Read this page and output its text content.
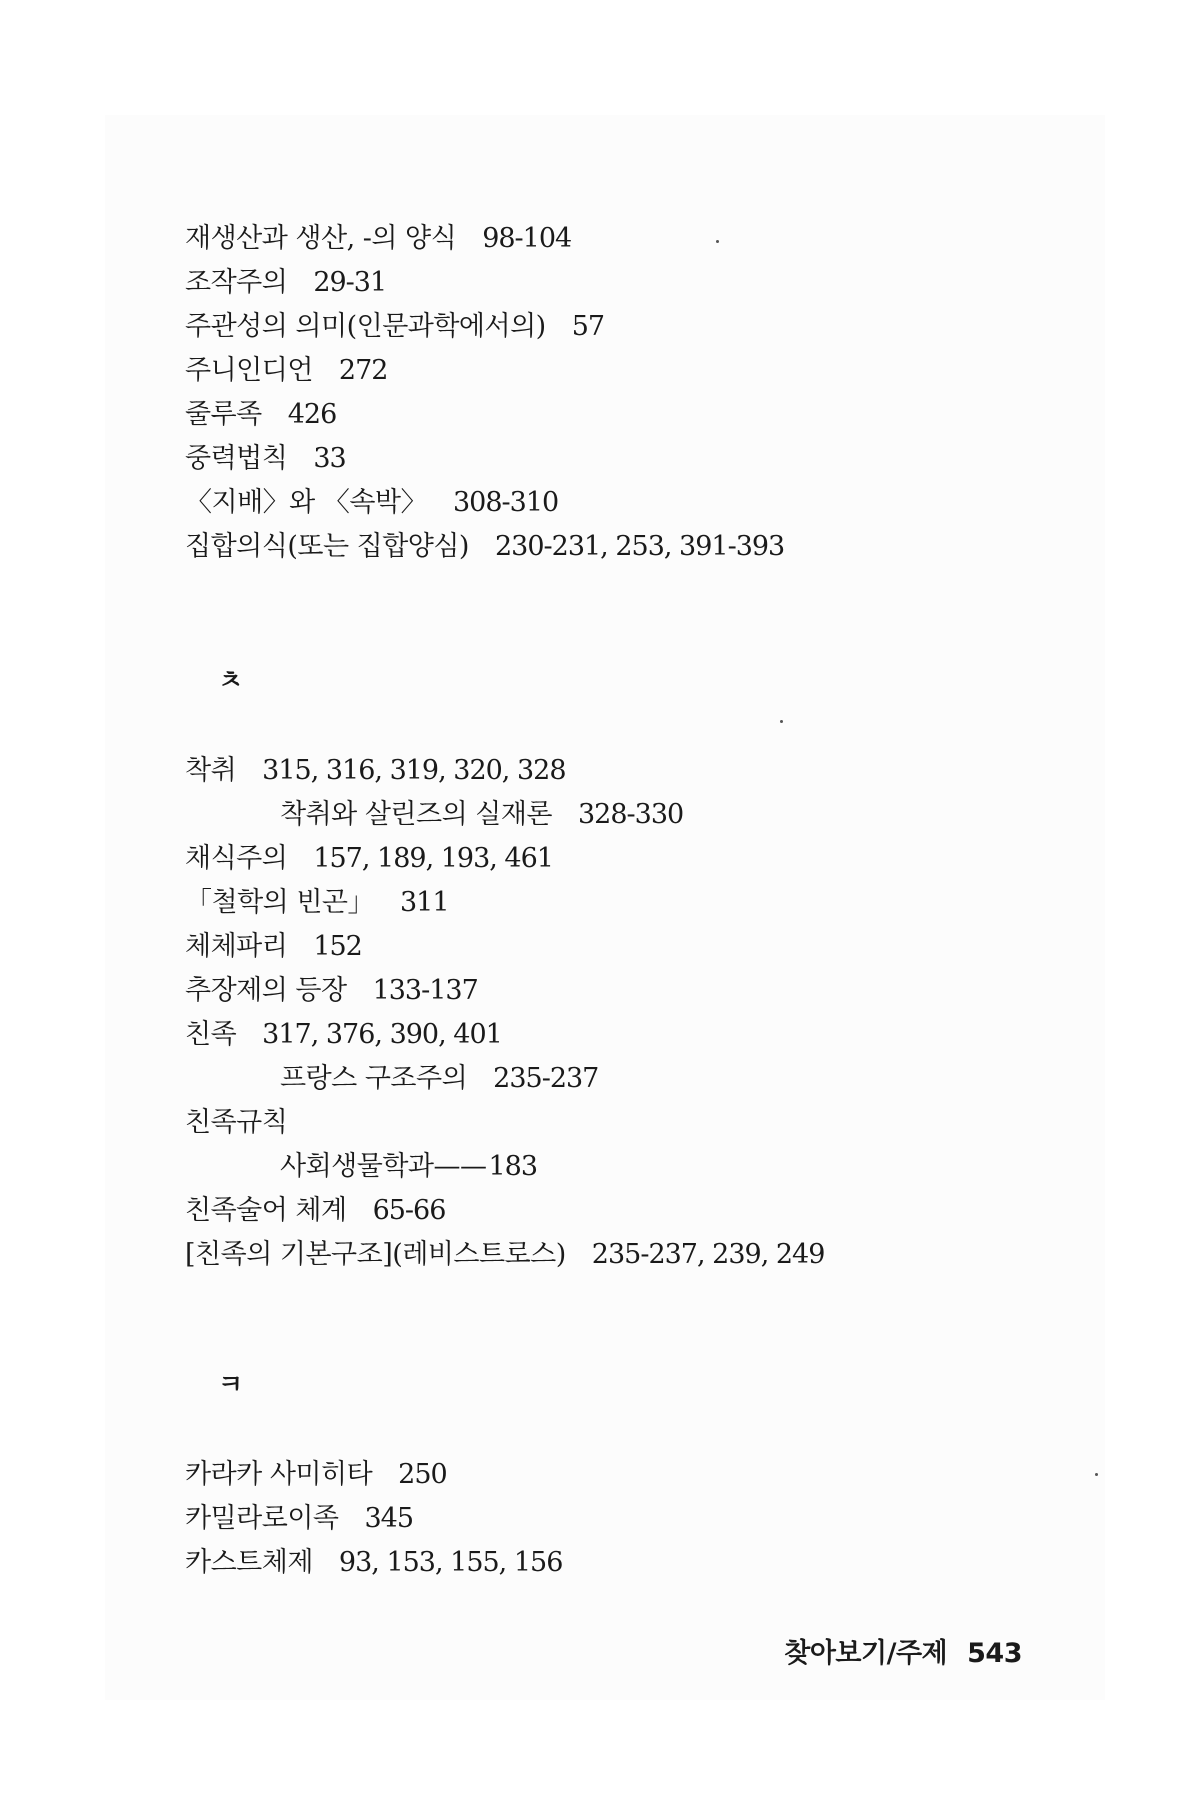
재생산과 생산, -의 양식 98-104
조작주의 29-31
주관성의 의미(인문과학에서의) 57
주니인디언 272
줄루족 426
중력법칙 33
〈지배〉와 〈속박〉 308-310
집합의식(또는 집합양심) 230-231, 253, 391-393
ㅊ
착취 315, 316, 319, 320, 328
착취와 살린즈의 실재론 328-330
채식주의 157, 189, 193, 461
「철학의 빈곤」 311
체체파리 152
추장제의 등장 133-137
친족 317, 376, 390, 401
프랑스 구조주의 235-237
친족규칙
사회생물학과——183
친족술어 체계 65-66
[친족의 기본구조](레비스트로스) 235-237, 239, 249
ㅋ
카라카 사미히타 250
카밀라로이족 345
카스트체제 93, 153, 155, 156
찾아보기/주제 543
